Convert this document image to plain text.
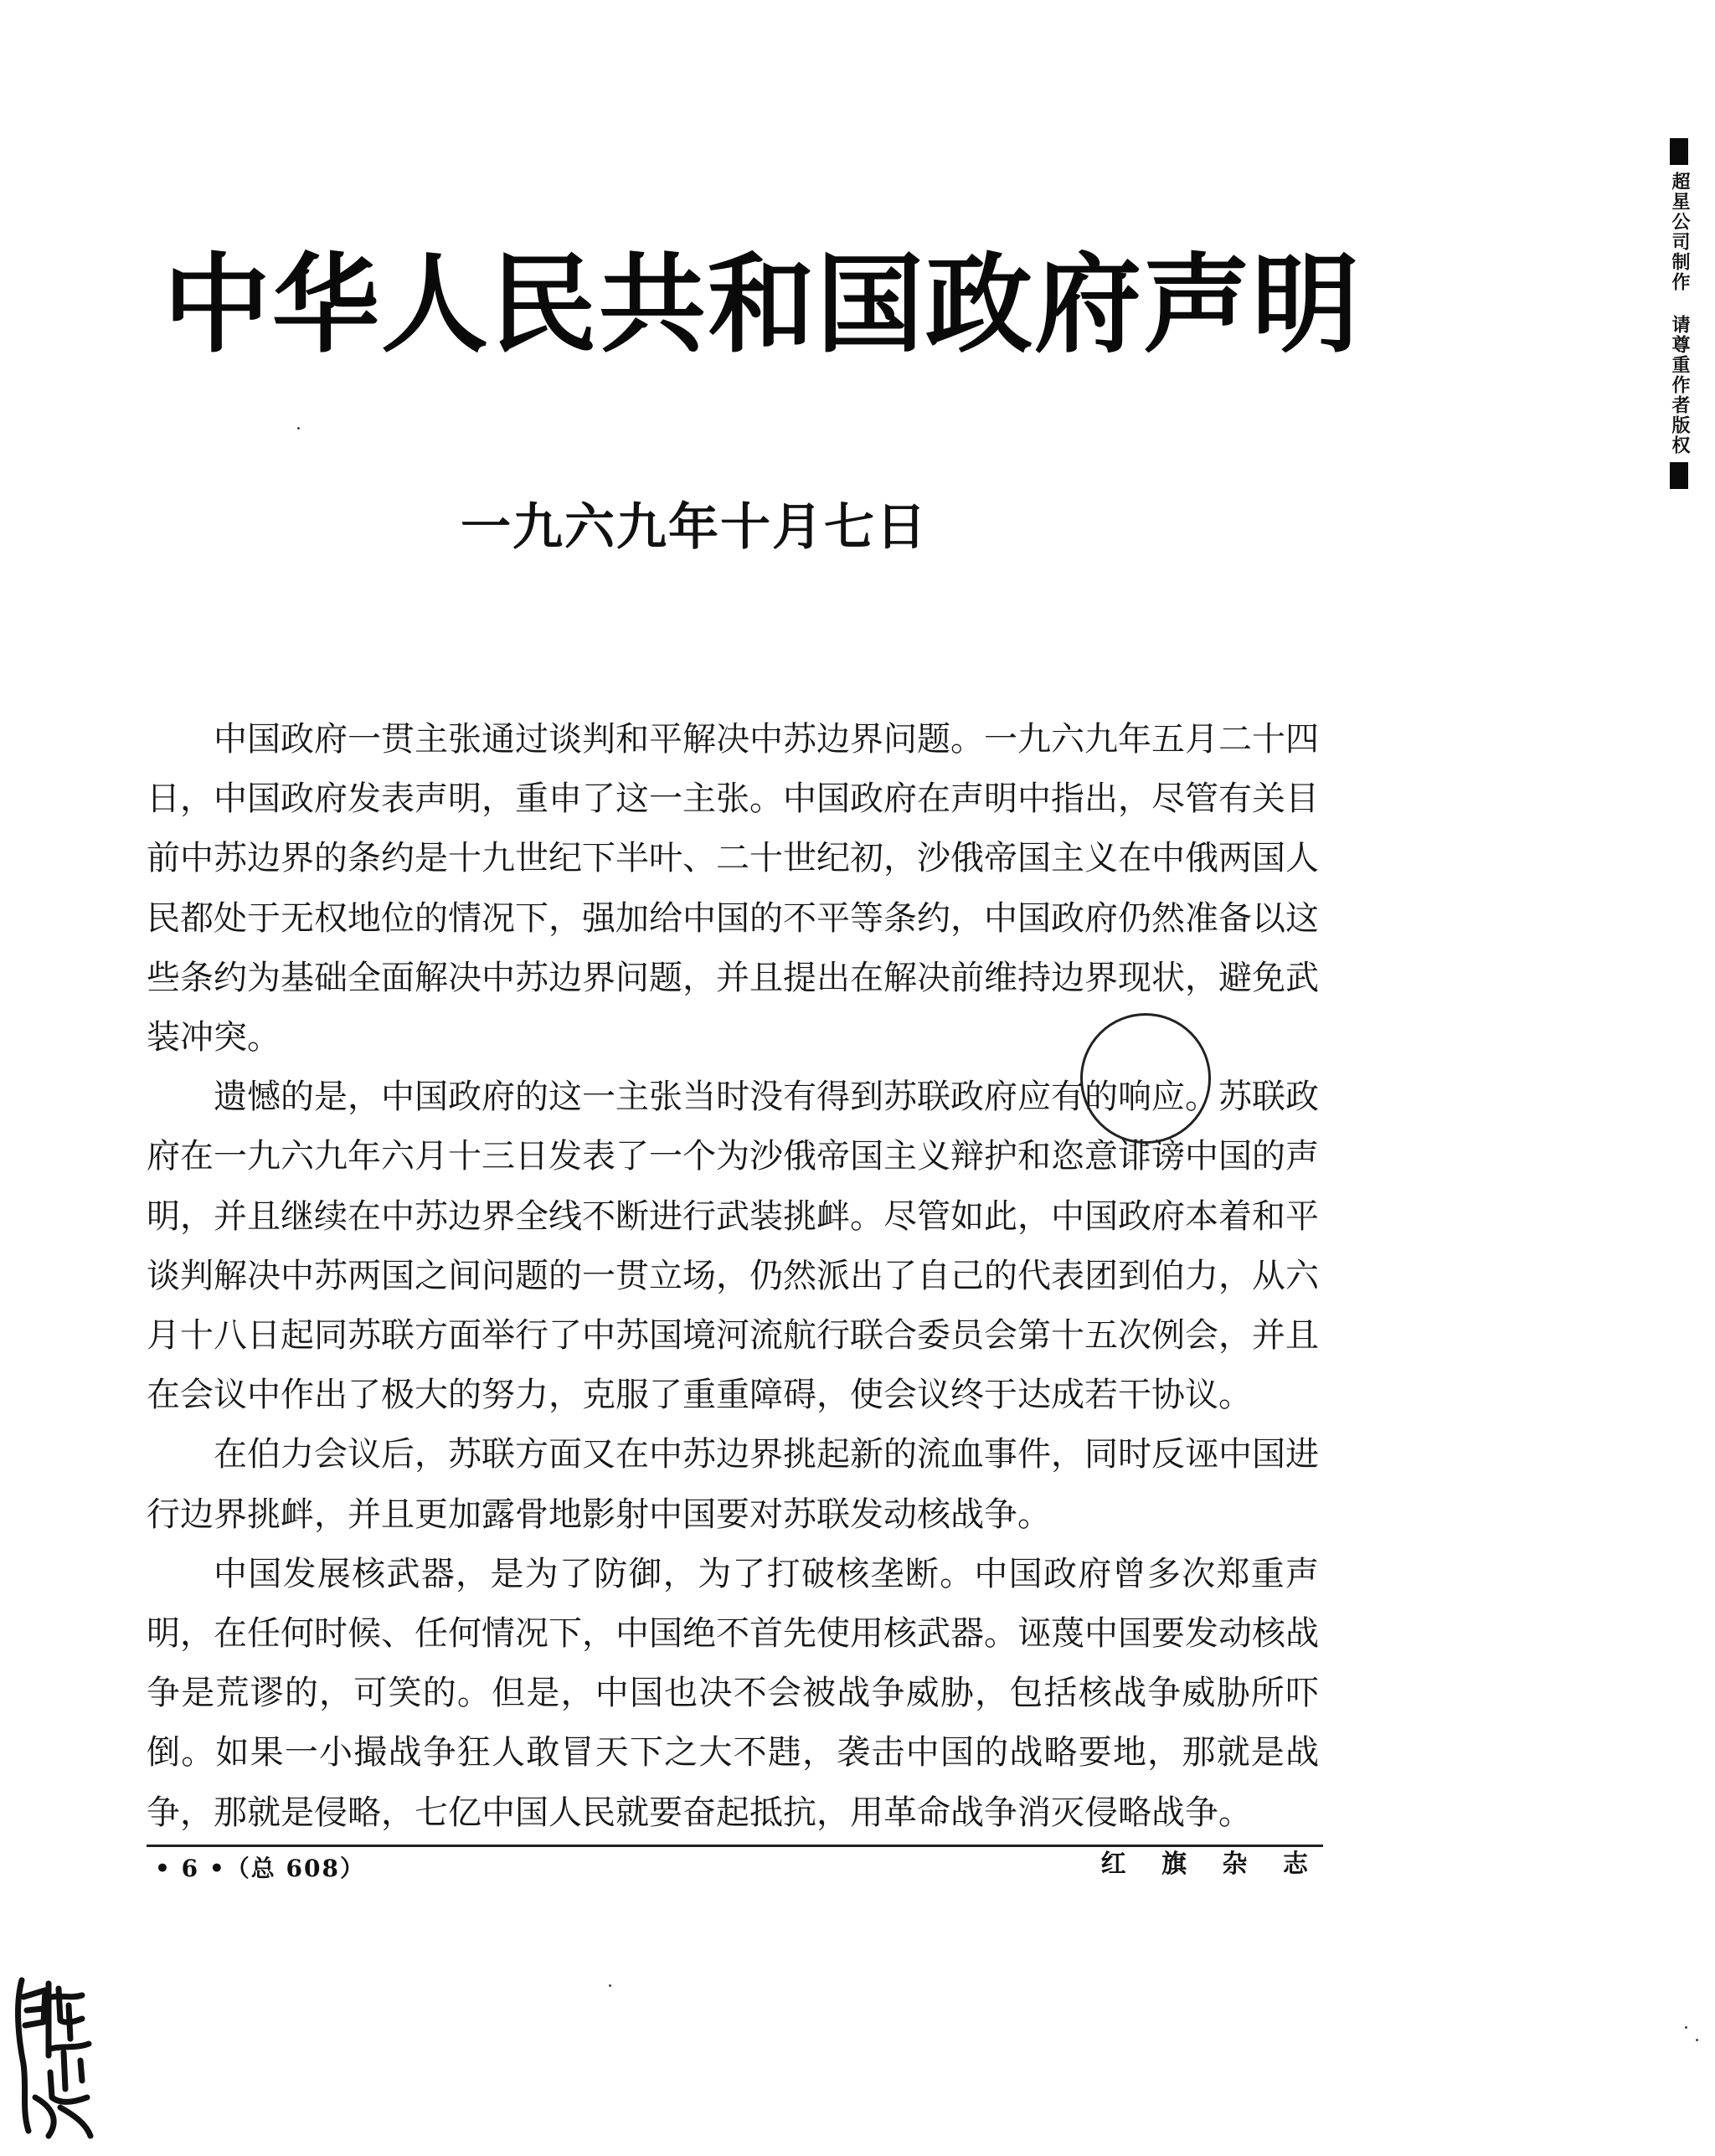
中华人民共和国政府声明
一九六九年十月七日

中国政府一贯主张通过谈判和平解决中苏边界问题。一九六九年五月二十四日，中国政府发表声明，重申了这一主张。中国政府在声明中指出，尽管有关目前中苏边界的条约是十九世纪下半叶、二十世纪初，沙俄帝国主义在中俄两国人民都处于无权地位的情况下，强加给中国的不平等条约，中国政府仍然准备以这些条约为基础全面解决中苏边界问题，并且提出在解决前维持边界现状，避免武装冲突。

遗憾的是，中国政府的这一主张当时没有得到苏联政府应有的响应。苏联政府在一九六九年六月十三日发表了一个为沙俄帝国主义辩护和恣意诽谤中国的声明，并且继续在中苏边界全线不断进行武装挑衅。尽管如此，中国政府本着和平谈判解决中苏两国之间问题的一贯立场，仍然派出了自己的代表团到伯力，从六月十八日起同苏联方面举行了中苏国境河流航行联合委员会第十五次例会，并且在会议中作出了极大的努力，克服了重重障碍，使会议终于达成若干协议。

在伯力会议后，苏联方面又在中苏边界挑起新的流血事件，同时反诬中国进行边界挑衅，并且更加露骨地影射中国要对苏联发动核战争。

中国发展核武器，是为了防御，为了打破核垄断。中国政府曾多次郑重声明，在任何时候、任何情况下，中国绝不首先使用核武器。诬蔑中国要发动核战争是荒谬的，可笑的。但是，中国也决不会被战争威胁，包括核战争威胁所吓倒。如果一小撮战争狂人敢冒天下之大不韪，袭击中国的战略要地，那就是战争，那就是侵略，七亿中国人民就要奋起抵抗，用革命战争消灭侵略战争。

• 6 •（总 608）	红 旗 杂 志
超星公司制作 请尊重作者版权
